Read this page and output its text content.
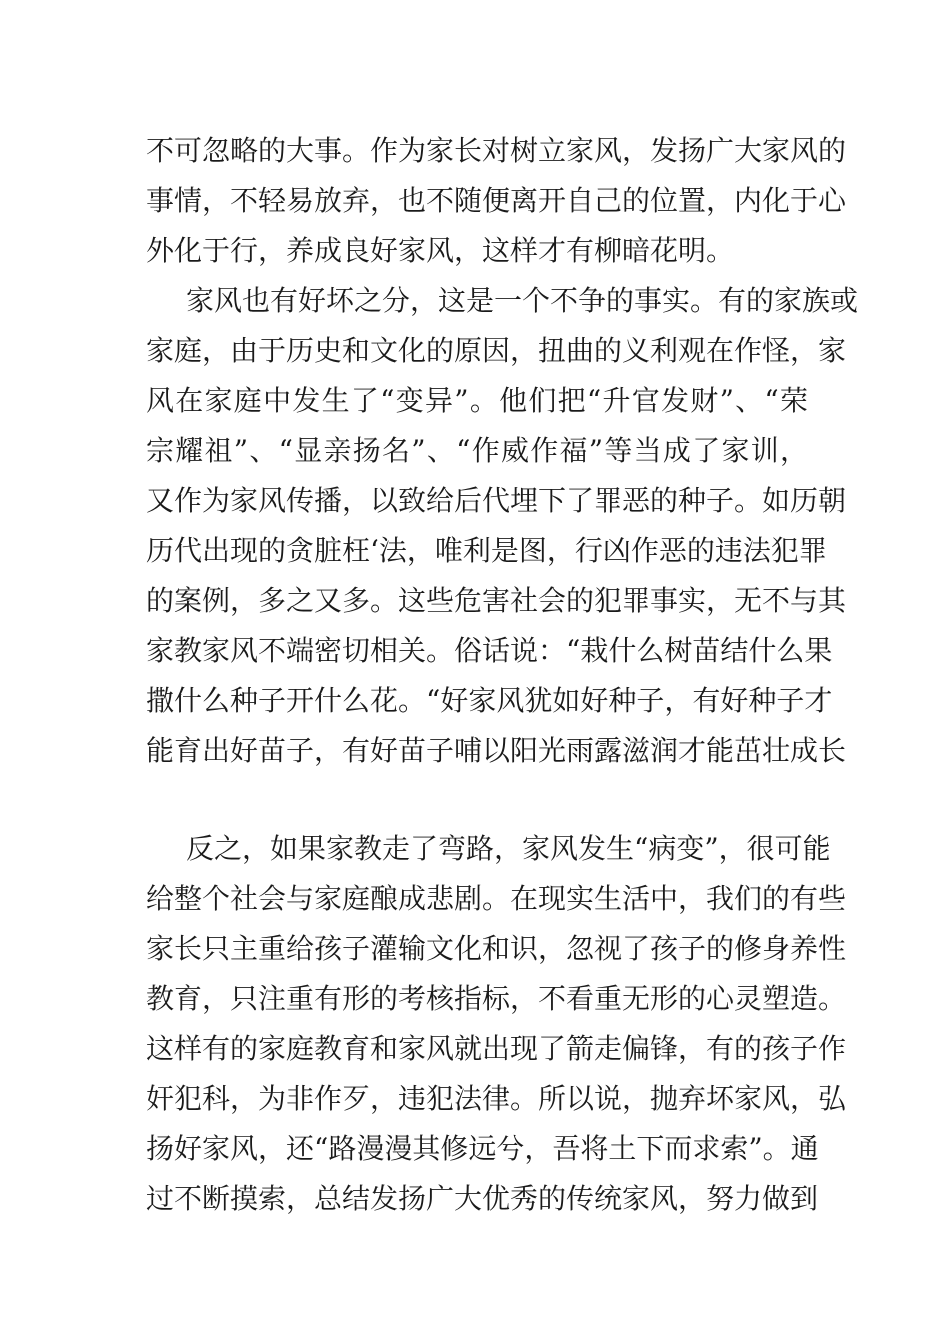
不可忽略的大事。作为家长对树立家风，发扬广大家风的
事情，不轻易放弃，也不随便离开自己的位置，内化于心
外化于行，养成良好家风，这样才有柳暗花明。
家风也有好坏之分，这是一个不争的事实。有的家族或
家庭，由于历史和文化的原因，扭曲的义利观在作怪，家
风在家庭中发生了“变异”。他们把“升官发财”、“荣
宗耀祖”、“显亲扬名”、“作威作福”等当成了家训，
又作为家风传播，以致给后代埋下了罪恶的种子。如历朝
历代出现的贪脏枉‘法，唯利是图，行凶作恶的违法犯罪
的案例，多之又多。这些危害社会的犯罪事实，无不与其
家教家风不端密切相关。俗话说：“栽什么树苗结什么果
撒什么种子开什么花。“好家风犹如好种子，有好种子才
能育出好苗子，有好苗子哺以阳光雨露滋润才能茁壮成长
反之，如果家教走了弯路，家风发生“病变”，很可能
给整个社会与家庭酿成悲剧。在现实生活中，我们的有些
家长只主重给孩子灌输文化和识，忽视了孩子的修身养性
教育，只注重有形的考核指标，不看重无形的心灵塑造。
这样有的家庭教育和家风就出现了箭走偏锋，有的孩子作
奸犯科，为非作歹，违犯法律。所以说，抛弃坏家风，弘
扬好家风，还“路漫漫其修远兮，吾将土下而求索”。通
过不断摸索，总结发扬广大优秀的传统家风，努力做到
